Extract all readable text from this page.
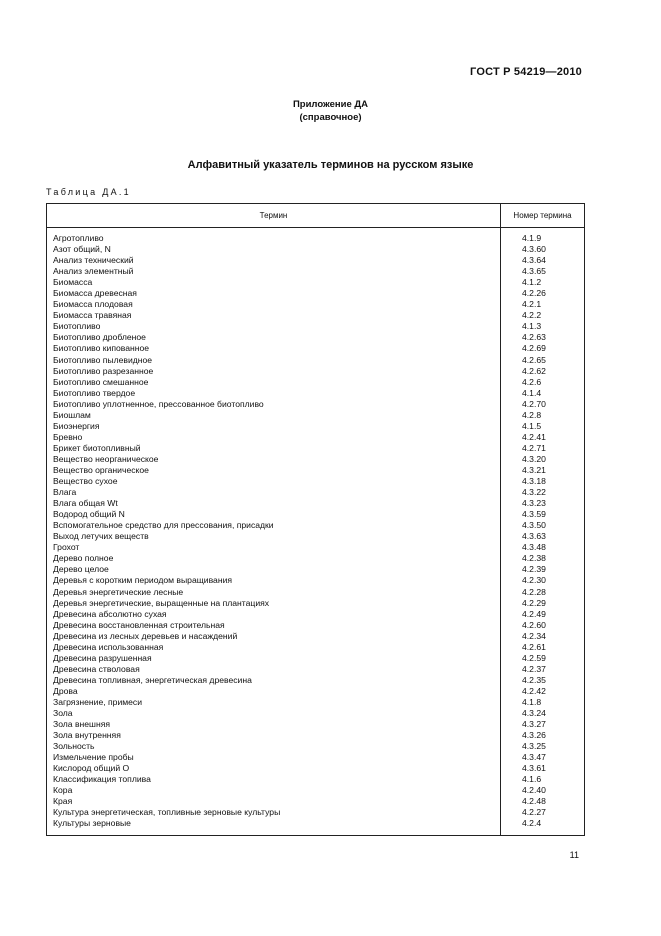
ГОСТ Р 54219—2010
Приложение ДА
(справочное)
Алфавитный указатель терминов на русском языке
Таблица ДА.1
Термин	Номер термина
Агротопливо
Азот общий, N
Анализ технический
Анализ элементный
Биомасса
Биомасса древесная
Биомасса плодовая
Биомасса травяная
Биотопливо
Биотопливо дробленое
Биотопливо кипованное
Биотопливо пылевидное
Биотопливо разрезанное
Биотопливо смешанное
Биотопливо твердое
Биотопливо уплотненное, прессованное биотопливо
Биошлам
Биоэнергия
Бревно
Брикет биотопливный
Вещество неорганическое
Вещество органическое
Вещество сухое
Влага
Влага общая Wt
Водород общий N
Вспомогательное средство для прессования, присадки
Выход летучих веществ
Грохот
Дерево полное
Дерево целое
Деревья с коротким периодом выращивания
Деревья энергетические лесные
Деревья энергетические, выращенные на плантациях
Древесина абсолютно сухая
Древесина восстановленная строительная
Древесина из лесных деревьев и насаждений
Древесина использованная
Древесина разрушенная
Древесина стволовая
Древесина топливная, энергетическая древесина
Дрова
Загрязнение, примеси
Зола
Зола внешняя
Зола внутренняя
Зольность
Измельчение пробы
Кислород общий О
Классификация топлива
Кора
Края
Культура энергетическая, топливные зерновые культуры
Культуры зерновые
4.1.9
4.3.60
4.3.64
4.3.65
4.1.2
4.2.26
4.2.1
4.2.2
4.1.3
4.2.63
4.2.69
4.2.65
4.2.62
4.2.6
4.1.4
4.2.70
4.2.8
4.1.5
4.2.41
4.2.71
4.3.20
4.3.21
4.3.18
4.3.22
4.3.23
4.3.59
4.3.50
4.3.63
4.3.48
4.2.38
4.2.39
4.2.30
4.2.28
4.2.29
4.2.49
4.2.60
4.2.34
4.2.61
4.2.59
4.2.37
4.2.35
4.2.42
4.1.8
4.3.24
4.3.27
4.3.26
4.3.25
4.3.47
4.3.61
4.1.6
4.2.40
4.2.48
4.2.27
4.2.4
11
